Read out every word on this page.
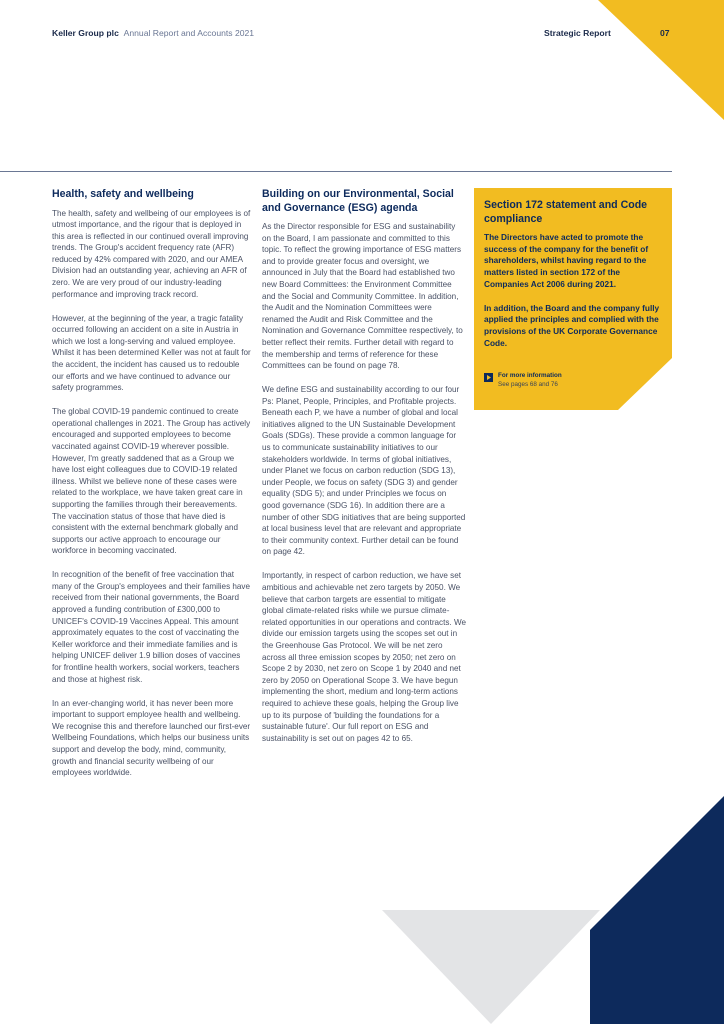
Keller Group plc Annual Report and Accounts 2021	Strategic Report	07
Health, safety and wellbeing

The health, safety and wellbeing of our employees is of utmost importance, and the rigour that is deployed in this area is reflected in our continued overall improving trends. The Group's accident frequency rate (AFR) reduced by 42% compared with 2020, and our AMEA Division had an outstanding year, achieving an AFR of zero. We are very proud of our industry-leading performance and improving track record.

However, at the beginning of the year, a tragic fatality occurred following an accident on a site in Austria in which we lost a long-serving and valued employee. Whilst it has been determined Keller was not at fault for the accident, the incident has caused us to redouble our efforts and we have continued to advance our safety programmes.

The global COVID-19 pandemic continued to create operational challenges in 2021. The Group has actively encouraged and supported employees to become vaccinated against COVID-19 wherever possible. However, I'm greatly saddened that as a Group we have lost eight colleagues due to COVID-19 related illness. Whilst we believe none of these cases were related to the workplace, we have taken great care in supporting the families through their bereavements. The vaccination status of those that have died is consistent with the external benchmark globally and supports our active approach to encourage our workforce in becoming vaccinated.

In recognition of the benefit of free vaccination that many of the Group's employees and their families have received from their national governments, the Board approved a funding contribution of £300,000 to UNICEF's COVID-19 Vaccines Appeal. This amount approximately equates to the cost of vaccinating the Keller workforce and their immediate families and is helping UNICEF deliver 1.9 billion doses of vaccines for frontline health workers, social workers, teachers and those at highest risk.

In an ever-changing world, it has never been more important to support employee health and wellbeing. We recognise this and therefore launched our first-ever Wellbeing Foundations, which helps our business units support and develop the body, mind, community, growth and financial security wellbeing of our employees worldwide.

Building on our Environmental, Social and Governance (ESG) agenda

As the Director responsible for ESG and sustainability on the Board, I am passionate and committed to this topic. To reflect the growing importance of ESG matters and to provide greater focus and oversight, we announced in July that the Board had established two new Board Committees: the Environment Committee and the Social and Community Committee. In addition, the Audit and the Nomination Committees were renamed the Audit and Risk Committee and the Nomination and Governance Committee respectively, to better reflect their remits. Further detail with regard to the membership and terms of reference for these Committees can be found on page 78.

We define ESG and sustainability according to our four Ps: Planet, People, Principles, and Profitable projects. Beneath each P, we have a number of global and local initiatives aligned to the UN Sustainable Development Goals (SDGs). These provide a common language for us to communicate sustainability initiatives to our stakeholders worldwide. In terms of global initiatives, under Planet we focus on carbon reduction (SDG 13), under People, we focus on safety (SDG 3) and gender equality (SDG 5); and under Principles we focus on good governance (SDG 16). In addition there are a number of other SDG initiatives that are being supported at local business level that are relevant and appropriate to their community context. Further detail can be found on page 42.

Importantly, in respect of carbon reduction, we have set ambitious and achievable net zero targets by 2050. We believe that carbon targets are essential to mitigate global climate-related risks while we pursue climate-related opportunities in our operations and contracts. We divide our emission targets using the scopes set out in the Greenhouse Gas Protocol. We will be net zero across all three emission scopes by 2050; net zero on Scope 2 by 2030, net zero on Scope 1 by 2040 and net zero by 2050 on Operational Scope 3. We have begun implementing the short, medium and long-term actions required to achieve these goals, helping the Group live up to its purpose of 'building the foundations for a sustainable future'. Our full report on ESG and sustainability is set out on pages 42 to 65.

Section 172 statement and Code compliance

The Directors have acted to promote the success of the company for the benefit of shareholders, whilst having regard to the matters listed in section 172 of the Companies Act 2006 during 2021.

In addition, the Board and the company fully applied the principles and complied with the provisions of the UK Corporate Governance Code.

For more information
See pages 68 and 76
